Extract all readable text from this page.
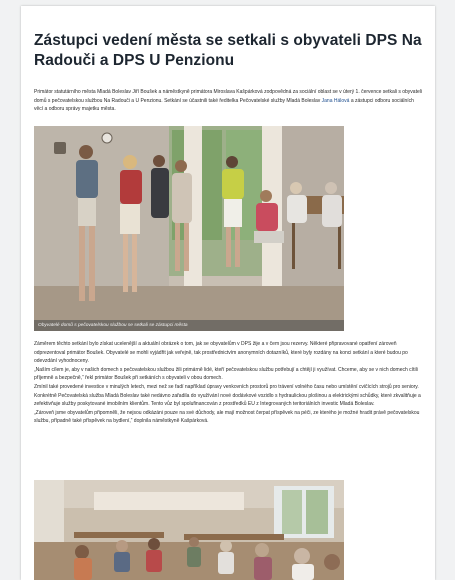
Zástupci vedení města se setkali s obyvateli DPS Na Radouči a DPS U Penzionu

Primátor statutárního města Mladá Boleslav Jiří Boušek a náměstkyně primátora Miroslava Kašpárková zodpovědná za sociální oblast se v úterý 1. července setkali s obyvateli domů s pečovatelskou službou Na Radouči a U Penzionu. Setkání se účastnili také ředitelka Pečovatelské služby Mladá Boleslav Jana Hálová a zástupci odboru sociálních věcí a odboru správy majetku města.

Obyvatelé domů s pečovatelskou službou se setkali se zástupci města

Záměrem těchto setkání bylo získat ucelenější a aktuální obrázek o tom, jak se obyvatelům v DPS žije a v čem jsou rezervy. Některé připravované opatření zároveň odprezentoval primátor Boušek. Obyvatelé se mohli vyjádřit jak veřejně, tak prostřednictvím anonymních dotazníků, které byly rozdány na konci setkání a které budou po odevzdání vyhodnoceny.

„Naším cílem je, aby v našich domech s pečovatelskou službou žili primárně lidé, kteří pečovatelskou službu potřebují a chtějí ji využívat. Chceme, aby se v nich domech cítili příjemně a bezpečně,“ řekl primátor Boušek při setkáních s obyvateli v obou domech.

Zmínil také provedené investice v minulých letech, mezi než se řadí například úpravy venkovních prostorů pro trávení volného času nebo umístění cvičících strojů pro seniory.

Konkrétně Pečovatelská služba Mladá Boleslav také nedávno zařadila do využívání nové dodávkové vozidlo s hydraulickou plošinou a elektrickými schůdky, které zkvalitňuje a zefektivňuje služby poskytované imobilním klientům. Tento vůz byl spolufinancován z prostředků EU z Integrovaných teritoriálních investic Mladá Boleslav.

„Zároveň jsme obyvatelům připomněli, že nejsou odkázáni pouze na své důchody, ale mají možnost čerpat příspěvek na péči, ze kterého je možné hradit právě pečovatelskou službu, případně také příspěvek na bydlení,“ doplnila náměstkyně Kašpárková.
